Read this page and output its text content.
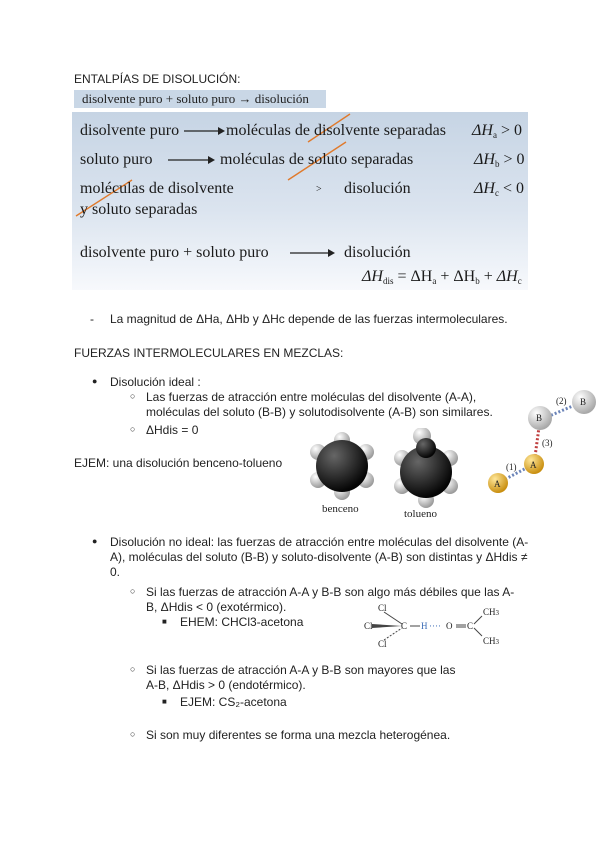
ENTALPÍAS DE DISOLUCIÓN:
disolvente puro + soluto puro → disolución
disolvente puro	moléculas de disolvente separadas $\Delta H_a > 0$
soluto puro	moléculas de soluto separadas	$\Delta H_b > 0$
moléculas de disolvente
y soluto separadas
> disolución	$\Delta H_c < 0$
disolvente puro + soluto puro	disolución
$\Delta H_{dis} = \Delta H_a + \Delta H_b + \Delta H_c$
- La magnitud de ΔHa, ΔHb y ΔHc depende de las fuerzas intermoleculares.
FUERZAS INTERMOLECULARES EN MEZCLAS:
● Disolución ideal :
○ Las fuerzas de atracción entre moléculas del disolvente (A-A), moléculas del soluto (B-B) y solutodisolvente (A-B) son similares.
○ ΔHdis = 0
EJEM: una disolución benceno-tolueno
benceno	tolueno
A
A
B
B
(1)
(2)
(3)
● Disolución no ideal: las fuerzas de atracción entre moléculas del disolvente (A-A), moléculas del soluto (B-B) y soluto-disolvente (A-B) son distintas y ΔHdis ≠ 0.
○ Si las fuerzas de atracción A-A y B-B son algo más débiles que las A-B, ΔHdis < 0 (exotérmico).
■ EHEM: CHCl3-acetona
Cl
Cl
Cl
C H ···· O C
CH3
CH3
○ Si las fuerzas de atracción A-A y B-B son mayores que las A-B, ΔHdis > 0 (endotérmico).
■ EJEM: CS₂-acetona
○ Si son muy diferentes se forma una mezcla heterogénea.
